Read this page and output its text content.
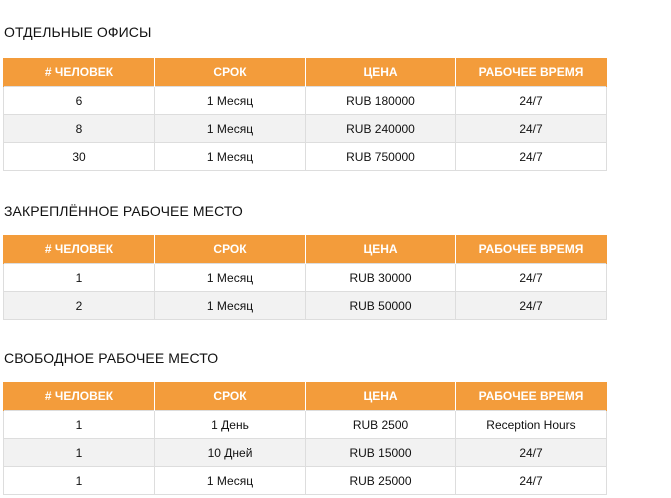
ОТДЕЛЬНЫЕ ОФИСЫ
# ЧЕЛОВЕК	СРОК	ЦЕНА	РАБОЧЕЕ ВРЕМЯ
6	1 Месяц	RUB 180000	24/7
8	1 Месяц	RUB 240000	24/7
30	1 Месяц	RUB 750000	24/7
ЗАКРЕПЛЁННОЕ РАБОЧЕЕ МЕСТО
# ЧЕЛОВЕК	СРОК	ЦЕНА	РАБОЧЕЕ ВРЕМЯ
1	1 Месяц	RUB 30000	24/7
2	1 Месяц	RUB 50000	24/7
СВОБОДНОЕ РАБОЧЕЕ МЕСТО
# ЧЕЛОВЕК	СРОК	ЦЕНА	РАБОЧЕЕ ВРЕМЯ
1	1 День	RUB 2500	Reception Hours
1	10 Дней	RUB 15000	24/7
1	1 Месяц	RUB 25000	24/7
